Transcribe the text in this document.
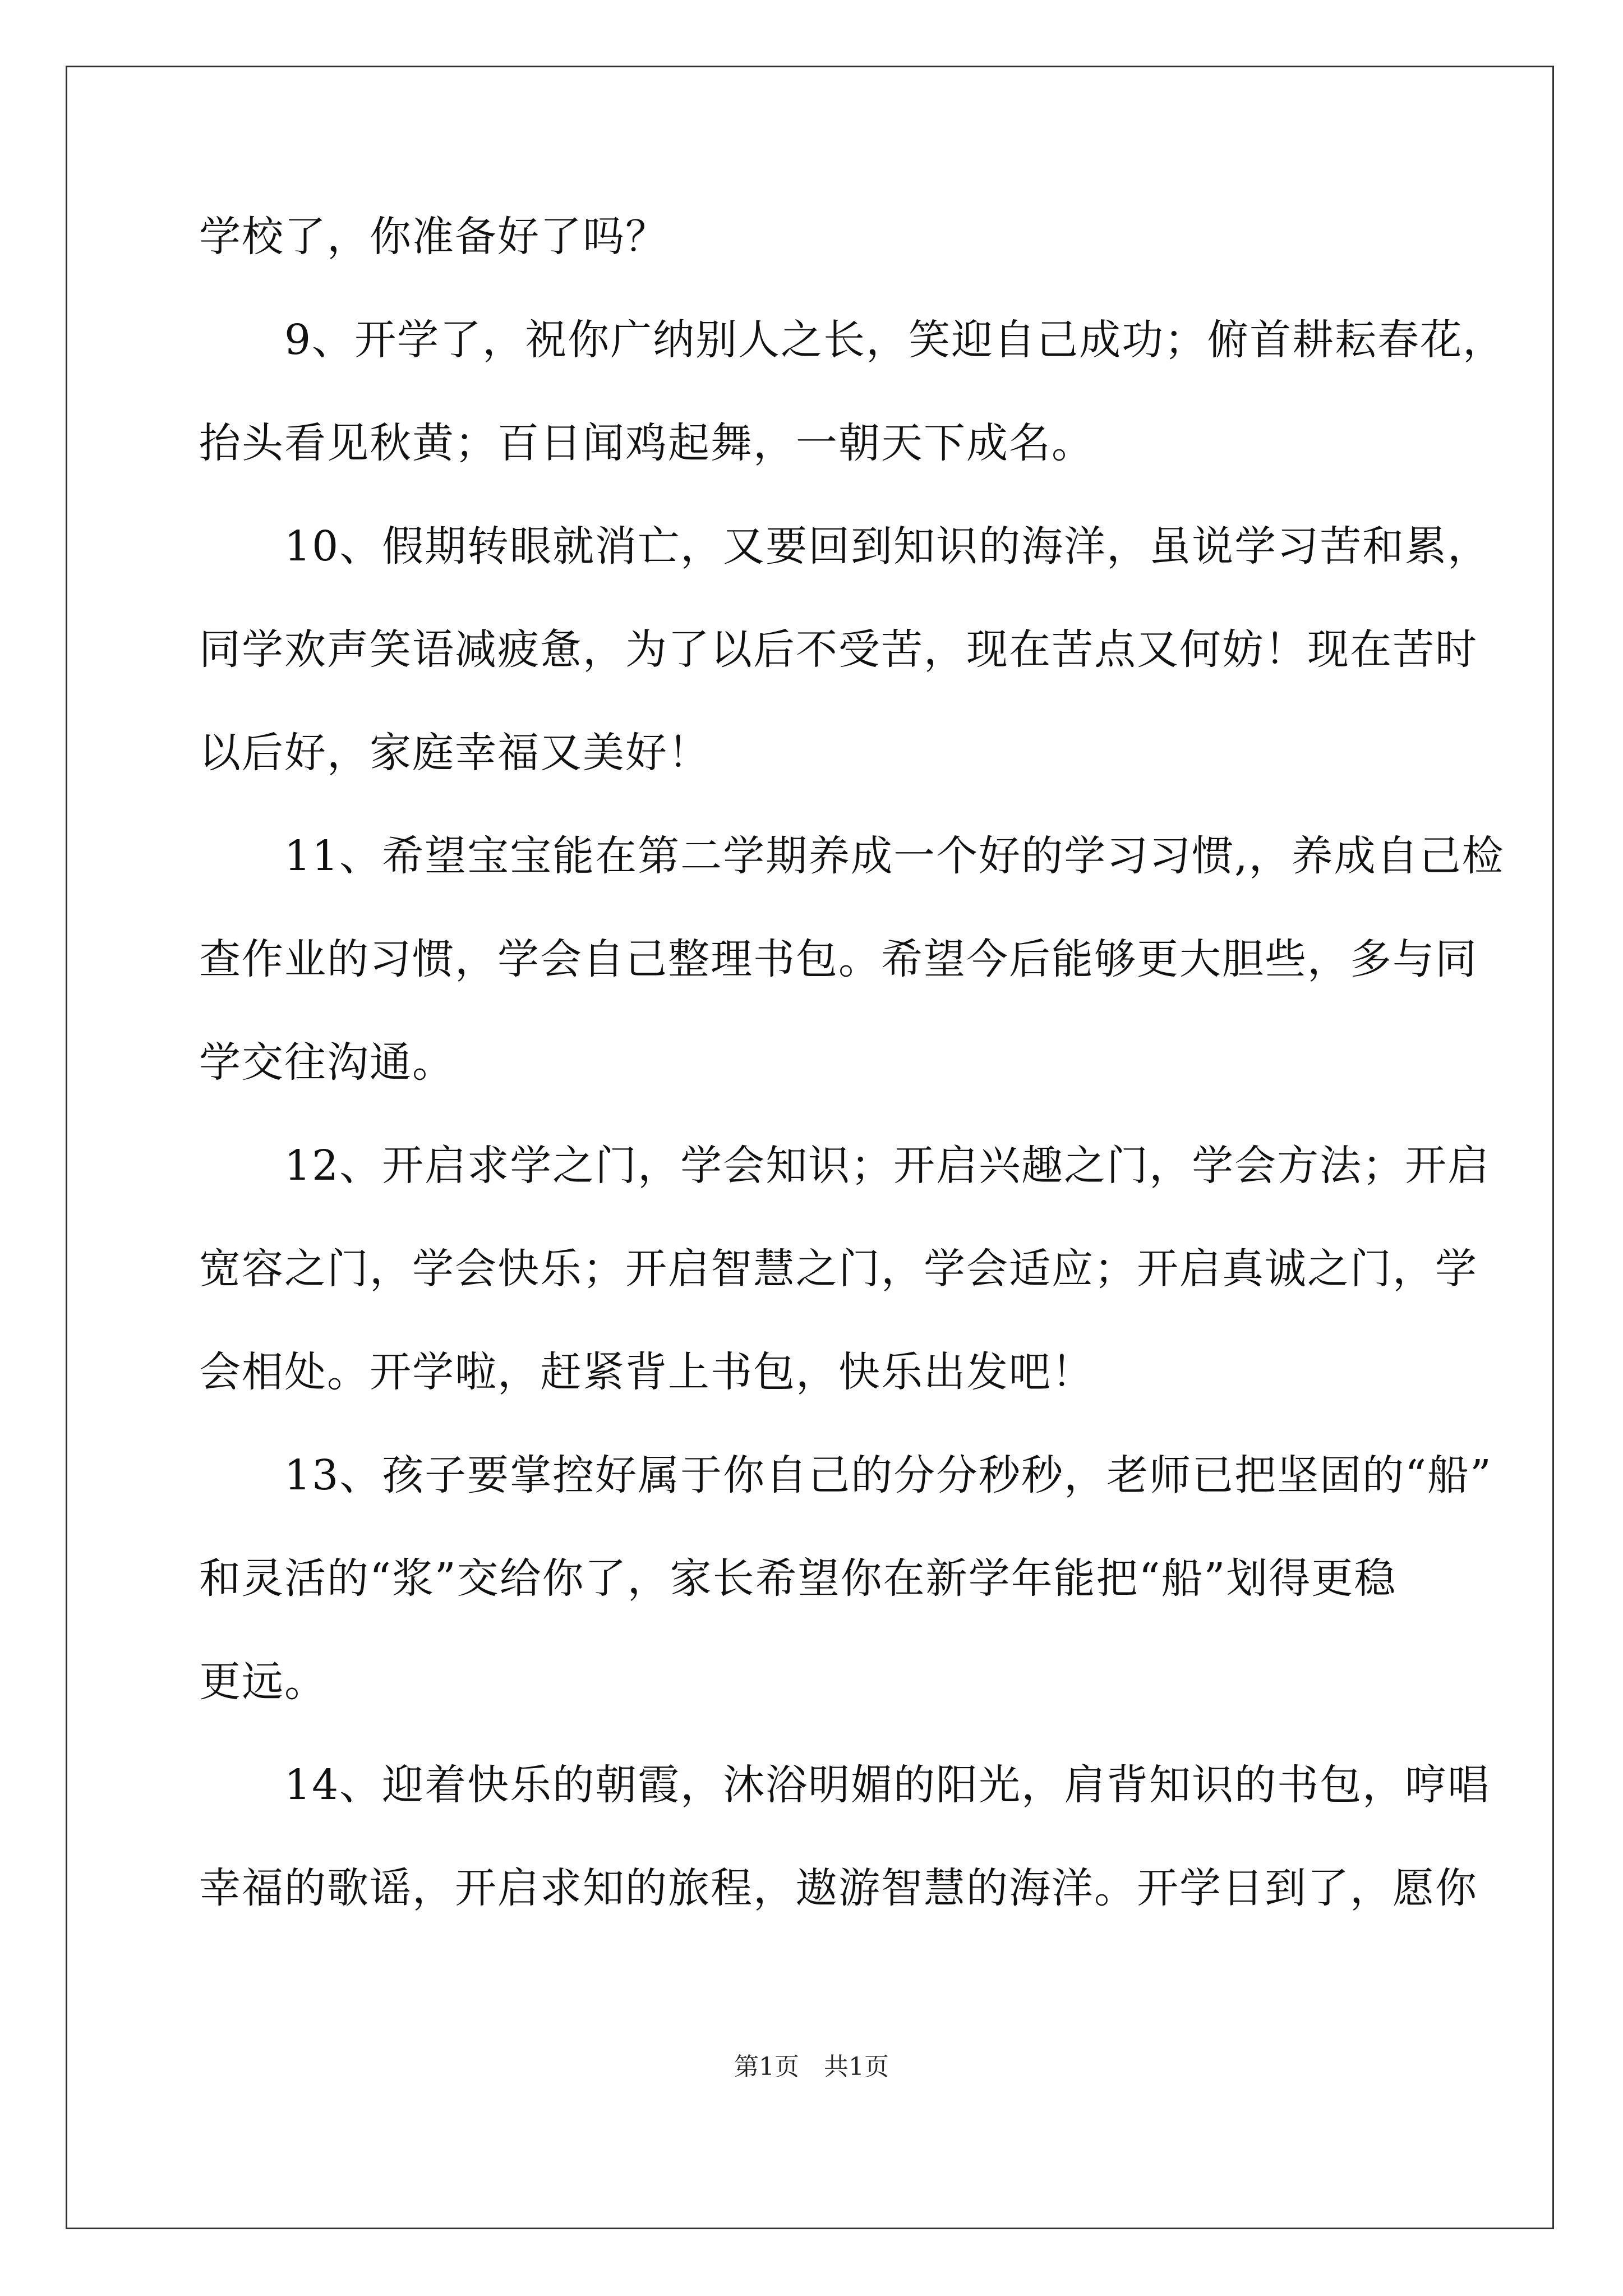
学校了，你准备好了吗？
　　9、开学了，祝你广纳别人之长，笑迎自己成功；俯首耕耘春花，
抬头看见秋黄；百日闻鸡起舞，一朝天下成名。
　　10、假期转眼就消亡，又要回到知识的海洋，虽说学习苦和累，
同学欢声笑语减疲惫，为了以后不受苦，现在苦点又何妨！现在苦时
以后好，家庭幸福又美好！
　　11、希望宝宝能在第二学期养成一个好的学习习惯,，养成自己检
查作业的习惯，学会自己整理书包。希望今后能够更大胆些，多与同
学交往沟通。
　　12、开启求学之门，学会知识；开启兴趣之门，学会方法；开启
宽容之门，学会快乐；开启智慧之门，学会适应；开启真诚之门，学
会相处。开学啦，赶紧背上书包，快乐出发吧！
　　13、孩子要掌控好属于你自己的分分秒秒，老师已把坚固的“船”
和灵活的“浆”交给你了，家长希望你在新学年能把“船”划得更稳
更远。
　　14、迎着快乐的朝霞，沐浴明媚的阳光，肩背知识的书包，哼唱
幸福的歌谣，开启求知的旅程，遨游智慧的海洋。开学日到了，愿你
第1页　共1页
